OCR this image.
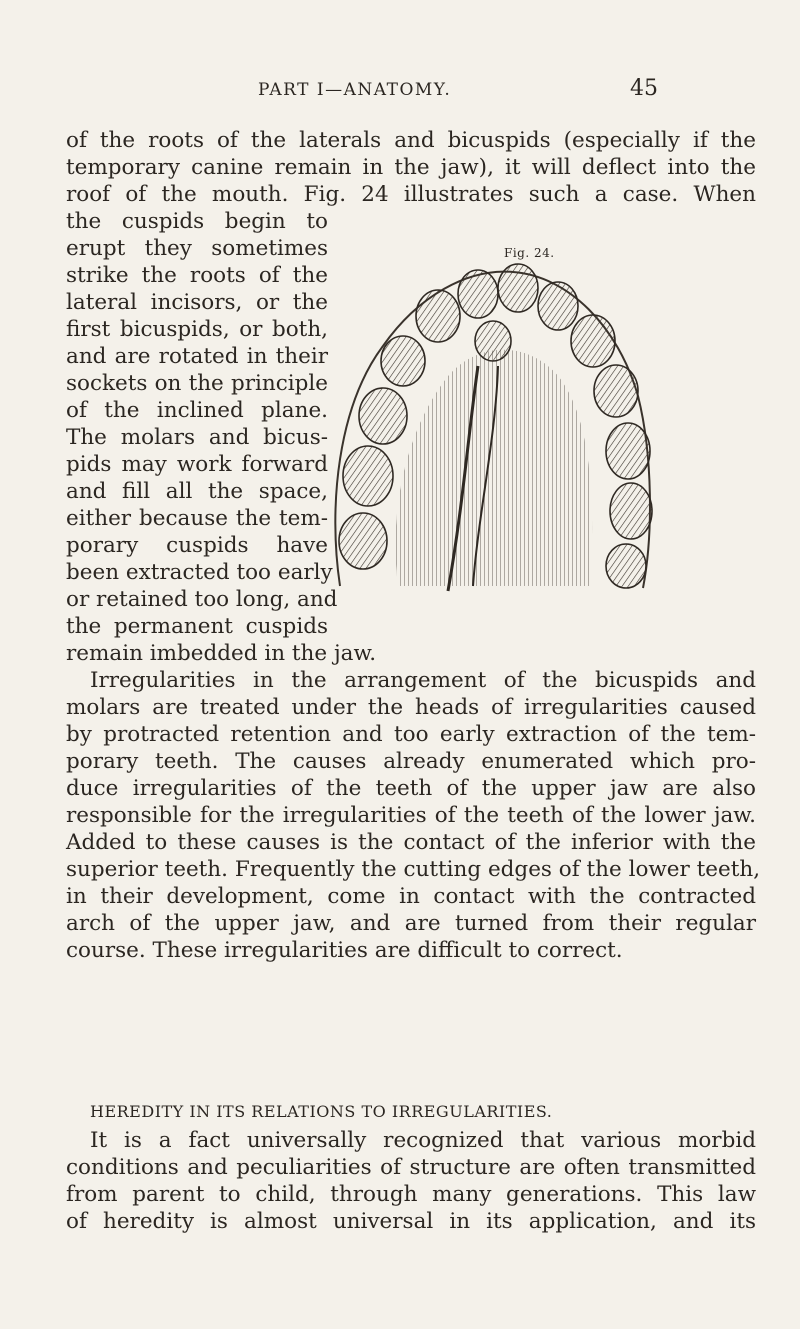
PART I—ANATOMY.	45
of the roots of the laterals and bicuspids (especially if the
temporary canine remain in the jaw), it will deflect into the
roof of the mouth. Fig. 24 illustrates such a case. When
the cuspids begin to
erupt they sometimes
strike the roots of the
lateral incisors, or the
first bicuspids, or both,
and are rotated in their
sockets on the principle
of the inclined plane.
The molars and bicus-
pids may work forward
and fill all the space,
either because the tem-
porary cuspids have
been extracted too early
or retained too long, and
the permanent cuspids
remain imbedded in the jaw.
Irregularities in the arrangement of the bicuspids and
molars are treated under the heads of irregularities caused
by protracted retention and too early extraction of the tem-
porary teeth. The causes already enumerated which pro-
duce irregularities of the teeth of the upper jaw are also
responsible for the irregularities of the teeth of the lower jaw.
Added to these causes is the contact of the inferior with the
superior teeth. Frequently the cutting edges of the lower teeth,
in their development, come in contact with the contracted
arch of the upper jaw, and are turned from their regular
course. These irregularities are difficult to correct.
It is a fact universally recognized that various morbid
conditions and peculiarities of structure are often transmitted
from parent to child, through many generations. This law
of heredity is almost universal in its application, and its
Fig. 24.
HEREDITY IN ITS RELATIONS TO IRREGULARITIES.
